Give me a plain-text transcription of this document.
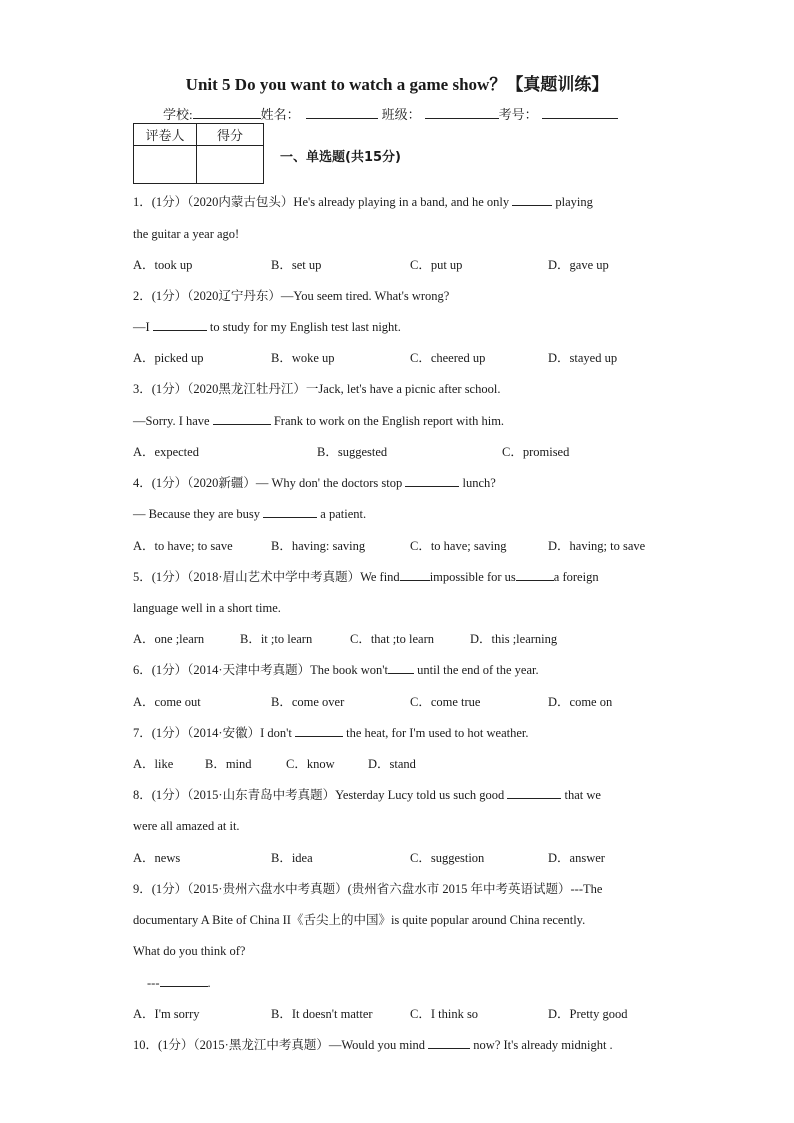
Unit 5 Do you want to watch a game show？【真题训练】
学校:	姓名：	班级：	考号：
评卷人	得分

一、单选题(共15分)
1．(1分）（2020内蒙古包头）He's already playing in a band, and he only	playing
the guitar a year ago!
A．took up	B．set up	C．put up	D．gave up
2．(1分）（2020辽宁丹东）—You seem tired. What's wrong?
—I	to study for my English test last night.
A．picked up	B．woke up	C．cheered up	D．stayed up
3．(1分）（2020黑龙江牡丹江）一Jack, let's have a picnic after school.
—Sorry. I have	Frank to work on the English report with him.
A．expected	B．suggested	C．promised
4．(1分）（2020新疆）— Why don' the doctors stop	lunch?
— Because they are busy	a patient.
A．to have; to save	B．having: saving	C．to have; saving	D．having; to save
5．(1分）（2018·眉山艺术中学中考真题）We find impossible for us	a foreign
language well in a short time.
A．one ;learn	B．it ;to learn	C．that ;to learn	D．this ;learning
6．(1分）（2014·天津中考真题）The book won't until the end of the year.
A．come out	B．come over	C．come true	D．come on
7．(1分）（2014·安徽）I don't	the heat, for I'm used to hot weather.
A．like	B．mind	C．know	D．stand
8．(1分）（2015·山东青岛中考真题）Yesterday Lucy told us such good	that we
were all amazed at it.
A．news	B．idea	C．suggestion	D．answer
9．(1分）（2015·贵州六盘水中考真题）(贵州省六盘水市 2015 年中考英语试题）---The
documentary A Bite of China II《舌尖上的中国》is quite popular around China recently.
What do you think of?
---	.
A．I'm sorry	B．It doesn't matter	C．I think so	D．Pretty good
10．(1分）（2015·黑龙江中考真题）—Would you mind	now? It's already midnight .
